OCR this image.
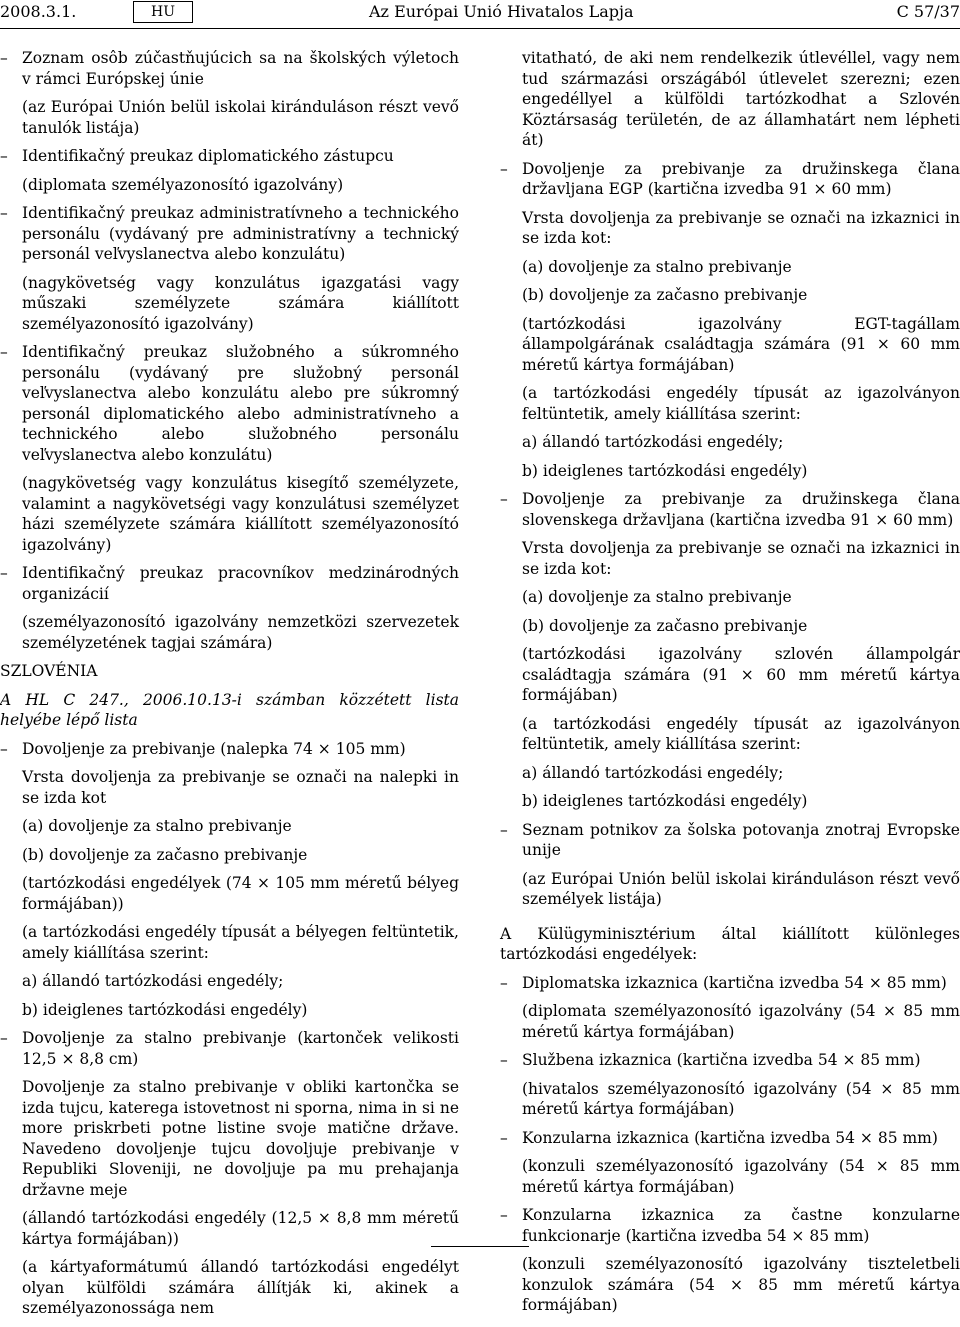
2008.3.1.	HU	Az Európai Unió Hivatalos Lapja	C 57/37

– Zoznam osôb zúčastňujúcich sa na školských výletoch v rámci Európskej únie

(az Európai Unión belül iskolai kiránduláson részt vevő tanulók listája)

– Identifikačný preukaz diplomatického zástupcu

(diplomata személyazonosító igazolvány)

– Identifikačný preukaz administratívneho a technického personálu (vydávaný pre administratívny a technický personál veľvyslanectva alebo konzulátu)

(nagykövetség vagy konzulátus igazgatási vagy műszaki személyzete számára kiállított személyazonosító igazolvány)

– Identifikačný preukaz služobného a súkromného personálu (vydávaný pre služobný personál veľvyslanectva alebo konzulátu alebo pre súkromný personál diplomatického alebo administratívneho a technického alebo služobného personálu veľvyslanectva alebo konzulátu)

(nagykövetség vagy konzulátus kisegítő személyzete, valamint a nagykövetségi vagy konzulátusi személyzet házi személyzete számára kiállított személyazonosító igazolvány)

– Identifikačný preukaz pracovníkov medzinárodných organizácií

(személyazonosító igazolvány nemzetközi szervezetek személyzetének tagjai számára)

SZLOVÉNIA

A HL C 247., 2006.10.13-i számban közzétett lista helyébe lépő lista

– Dovoljenje za prebivanje (nalepka 74 × 105 mm)

Vrsta dovoljenja za prebivanje se označi na nalepki in se izda kot

(a) dovoljenje za stalno prebivanje

(b) dovoljenje za začasno prebivanje

(tartózkodási engedélyek (74 × 105 mm méretű bélyeg formájában))

(a tartózkodási engedély típusát a bélyegen feltüntetik, amely kiállítása szerint:

a) állandó tartózkodási engedély;

b) ideiglenes tartózkodási engedély)

– Dovoljenje za stalno prebivanje (kartonček velikosti 12,5 × 8,8 cm)

Dovoljenje za stalno prebivanje v obliki kartončka se izda tujcu, katerega istovetnost ni sporna, nima in si ne more priskrbeti potne listine svoje matične države. Navedeno dovoljenje tujcu dovoljuje prebivanje v Republiki Sloveniji, ne dovoljuje pa mu prehajanja državne meje

(állandó tartózkodási engedély (12,5 × 8,8 mm méretű kártya formájában))

(a kártyaformátumú állandó tartózkodási engedélyt olyan külföldi számára állítják ki, akinek a személyazonossága nem

vitatható, de aki nem rendelkezik útlevéllel, vagy nem tud származási országából útlevelet szerezni; ezen engedéllyel a külföldi tartózkodhat a Szlovén Köztársaság területén, de az államhatárt nem lépheti át)

– Dovoljenje za prebivanje za družinskega člana državljana EGP (kartična izvedba 91 × 60 mm)

Vrsta dovoljenja za prebivanje se označi na izkaznici in se izda kot:

(a) dovoljenje za stalno prebivanje

(b) dovoljenje za začasno prebivanje

(tartózkodási igazolvány EGT-tagállam állampolgárának családtagja számára (91 × 60 mm méretű kártya formájában)

(a tartózkodási engedély típusát az igazolványon feltüntetik, amely kiállítása szerint:

a) állandó tartózkodási engedély;

b) ideiglenes tartózkodási engedély)

– Dovoljenje za prebivanje za družinskega člana slovenskega državljana (kartična izvedba 91 × 60 mm)

Vrsta dovoljenja za prebivanje se označi na izkaznici in se izda kot:

(a) dovoljenje za stalno prebivanje

(b) dovoljenje za začasno prebivanje

(tartózkodási igazolvány szlovén állampolgár családtagja számára (91 × 60 mm méretű kártya formájában)

(a tartózkodási engedély típusát az igazolványon feltüntetik, amely kiállítása szerint:

a) állandó tartózkodási engedély;

b) ideiglenes tartózkodási engedély)

– Seznam potnikov za šolska potovanja znotraj Evropske unije

(az Európai Unión belül iskolai kiránduláson részt vevő személyek listája)

A Külügyminisztérium által kiállított különleges tartózkodási engedélyek:

– Diplomatska izkaznica (kartična izvedba 54 × 85 mm)

(diplomata személyazonosító igazolvány (54 × 85 mm méretű kártya formájában)

– Službena izkaznica (kartična izvedba 54 × 85 mm)

(hivatalos személyazonosító igazolvány (54 × 85 mm méretű kártya formájában)

– Konzularna izkaznica (kartična izvedba 54 × 85 mm)

(konzuli személyazonosító igazolvány (54 × 85 mm méretű kártya formájában)

– Konzularna izkaznica za častne konzularne funkcionarje (kartična izvedba 54 × 85 mm)

(konzuli személyazonosító igazolvány tiszteletbeli konzulok számára (54 × 85 mm méretű kártya formájában)
